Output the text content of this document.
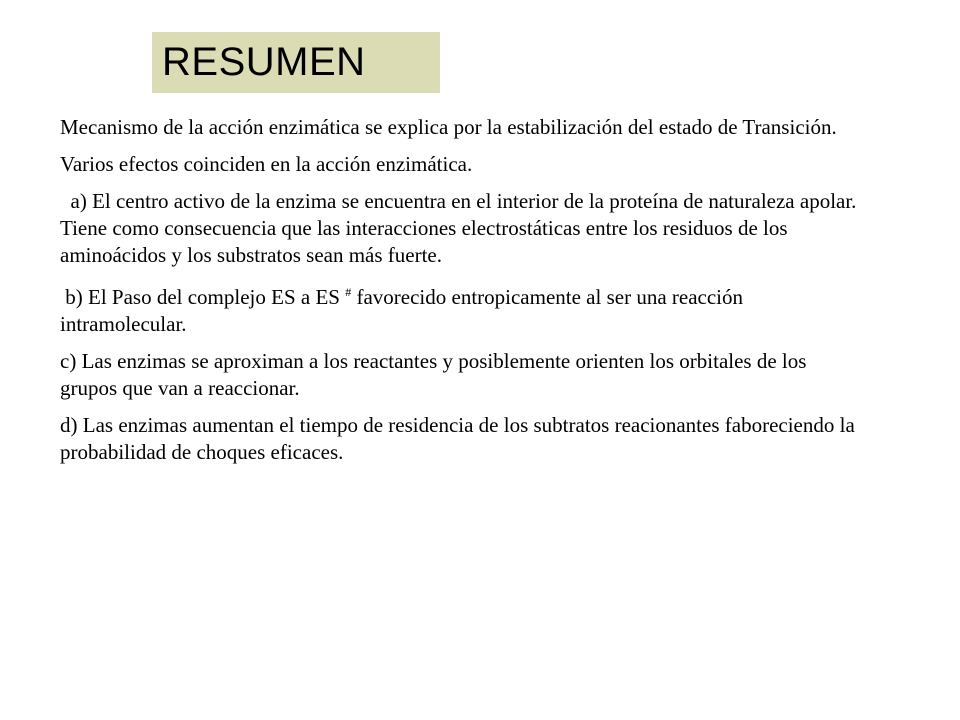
RESUMEN

Mecanismo de la acción enzimática se explica por la estabilización del estado de Transición.

Varios efectos coinciden en la acción enzimática.

a) El centro activo de la enzima se encuentra en el interior de la proteína de naturaleza apolar. Tiene como consecuencia que las interacciones electrostáticas entre los residuos de los aminoácidos y los substratos sean más fuerte.

b) El Paso del complejo ES a ES # favorecido entropicamente al ser una reacción intramolecular.

c) Las enzimas se aproximan a los reactantes y posiblemente orienten los orbitales de los grupos que van a reaccionar.

d) Las enzimas aumentan el tiempo de residencia de los subtratos reacionantes faboreciendo la probabilidad de choques eficaces.
